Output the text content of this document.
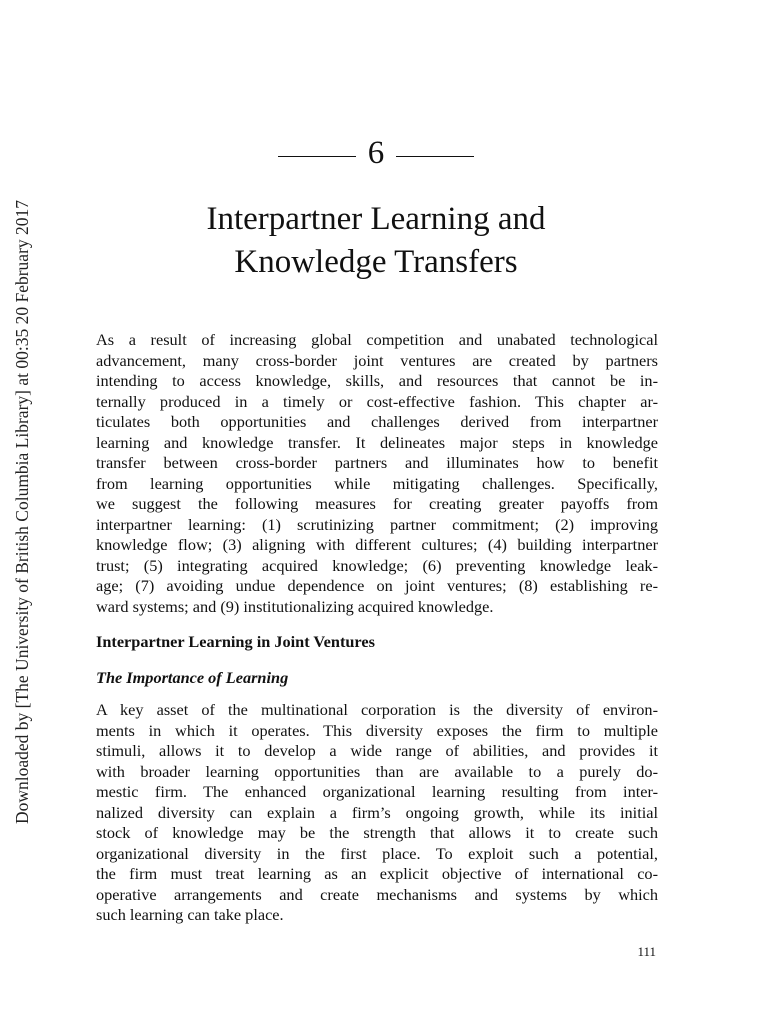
Downloaded by [The University of British Columbia Library] at 00:35 20 February 2017
6
Interpartner Learning and
Knowledge Transfers
As a result of increasing global competition and unabated technological
advancement, many cross-border joint ventures are created by partners
intending to access knowledge, skills, and resources that cannot be in-
ternally produced in a timely or cost-effective fashion. This chapter ar-
ticulates both opportunities and challenges derived from interpartner
learning and knowledge transfer. It delineates major steps in knowledge
transfer between cross-border partners and illuminates how to benefit
from learning opportunities while mitigating challenges. Specifically,
we suggest the following measures for creating greater payoffs from
interpartner learning: (1) scrutinizing partner commitment; (2) improving
knowledge flow; (3) aligning with different cultures; (4) building interpartner
trust; (5) integrating acquired knowledge; (6) preventing knowledge leak-
age; (7) avoiding undue dependence on joint ventures; (8) establishing re-
ward systems; and (9) institutionalizing acquired knowledge.
Interpartner Learning in Joint Ventures
The Importance of Learning
A key asset of the multinational corporation is the diversity of environ-
ments in which it operates. This diversity exposes the firm to multiple
stimuli, allows it to develop a wide range of abilities, and provides it
with broader learning opportunities than are available to a purely do-
mestic firm. The enhanced organizational learning resulting from inter-
nalized diversity can explain a firm’s ongoing growth, while its initial
stock of knowledge may be the strength that allows it to create such
organizational diversity in the first place. To exploit such a potential,
the firm must treat learning as an explicit objective of international co-
operative arrangements and create mechanisms and systems by which
such learning can take place.
111
